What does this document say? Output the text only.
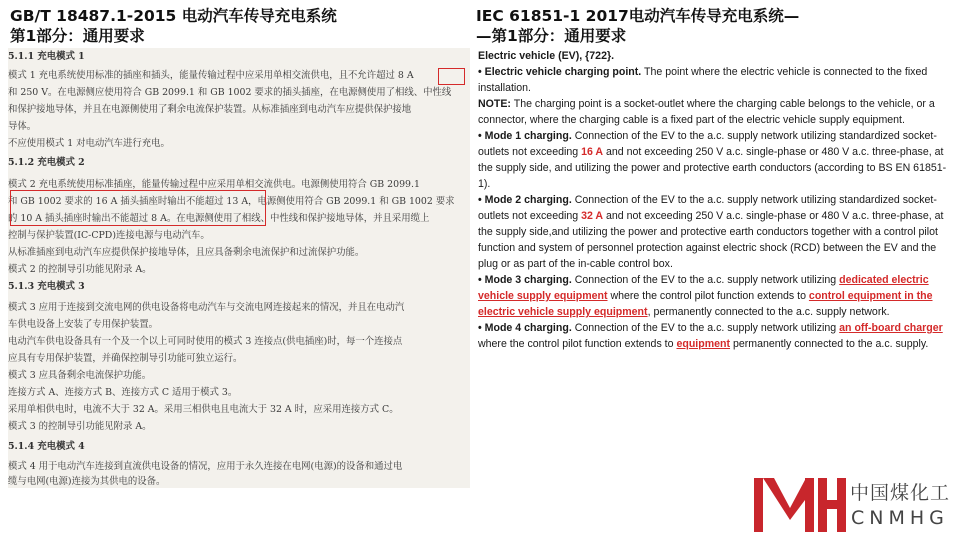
GB/T 18487.1-2015 电动汽车传导充电系统
第1部分：通用要求
IEC 61851-1 2017电动汽车传导充电系统—
—第1部分：通用要求
5.1.1 充电模式 1
模式 1 充电系统使用标准的插座和插头，能量传输过程中应采用单相交流供电，且不允许超过 8 A
和 250 V。在电源侧应使用符合 GB 2099.1 和 GB 1002 要求的插头插座，在电源侧使用了相线、中性线
和保护接地导体，并且在电源侧使用了剩余电流保护装置。从标准插座到电动汽车应提供保护接地
导体。
不应使用模式 1 对电动汽车进行充电。
5.1.2 充电模式 2
模式 2 充电系统使用标准插座，能量传输过程中应采用单相交流供电。电源侧使用符合 GB 2099.1
和 GB 1002 要求的 16 A 插头插座时输出不能超过 13 A，电源侧使用符合 GB 2099.1 和 GB 1002 要求
的 10 A 插头插座时输出不能超过 8 A。在电源侧使用了相线、中性线和保护接地导体，并且采用缆上
控制与保护装置(IC-CPD)连接电源与电动汽车。
从标准插座到电动汽车应提供保护接地导体，且应具备剩余电流保护和过流保护功能。
模式 2 的控制导引功能见附录 A。
5.1.3 充电模式 3
模式 3 应用于连接到交流电网的供电设备将电动汽车与交流电网连接起来的情况，并且在电动汽
车供电设备上安装了专用保护装置。
电动汽车供电设备具有一个及一个以上可同时使用的模式 3 连接点(供电插座)时，每一个连接点
应具有专用保护装置，并确保控制导引功能可独立运行。
模式 3 应具备剩余电流保护功能。
连接方式 A、连接方式 B、连接方式 C 适用于模式 3。
采用单相供电时，电流不大于 32 A。采用三相供电且电流大于 32 A 时，应采用连接方式 C。
模式 3 的控制导引功能见附录 A。
5.1.4 充电模式 4
模式 4 用于电动汽车连接到直流供电设备的情况，应用于永久连接在电网(电源)的设备和通过电
缆与电网(电源)连接为其供电的设备。

Electric vehicle (EV), {722}.

• Electric vehicle charging point. The point where the electric vehicle is connected to the fixed installation.

NOTE: The charging point is a socket-outlet where the charging cable belongs to the vehicle, or a connector, where the charging cable is a fixed part of the electric vehicle supply equipment.

• Mode 1 charging. Connection of the EV to the a.c. supply network utilizing standardized socket-outlets not exceeding 16 A and not exceeding 250 V a.c. single-phase or 480 V a.c. three-phase, at the supply side, and utilizing the power and protective earth conductors (according to BS EN 61851-1).

• Mode 2 charging. Connection of the EV to the a.c. supply network utilizing standardized socket-outlets not exceeding 32 A and not exceeding 250 V a.c. single-phase or 480 V a.c. three-phase, at the supply side,and utilizing the power and protective earth conductors together with a control pilot function and system of personnel protection against electric shock (RCD) between the EV and the plug or as part of the in-cable control box.

• Mode 3 charging. Connection of the EV to the a.c. supply network utilizing dedicated electric vehicle supply equipment where the control pilot function extends to control equipment in the electric vehicle supply equipment, permanently connected to the a.c. supply network.

• Mode 4 charging. Connection of the EV to the a.c. supply network utilizing an off-board charger where the control pilot function extends to equipment permanently connected to the a.c. supply.

中国煤化工
CNMHG
